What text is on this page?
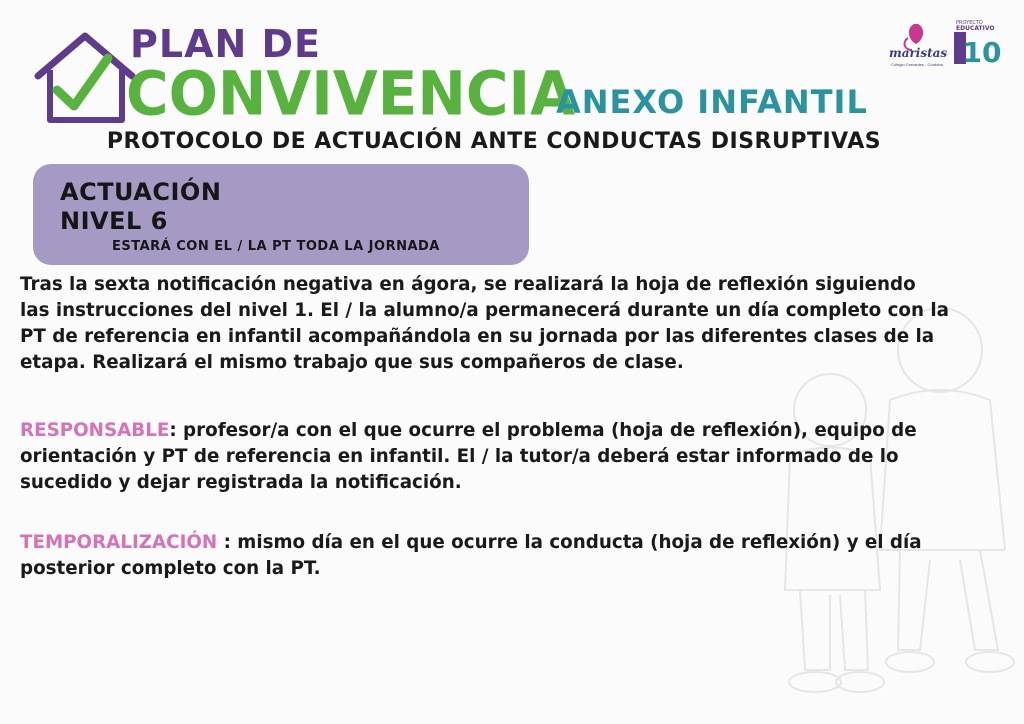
PLAN DE
CONVIVENCIA
ANEXO INFANTIL
PROTOCOLO DE ACTUACIÓN ANTE CONDUCTAS DISRUPTIVAS
maristas
Colegio Cervantes - Córdoba 10
PROYECTO
EDUCATIVO
ACTUACIÓN
NIVEL 6
ESTARÁ CON EL / LA PT TODA LA JORNADA
Tras la sexta notificación negativa en ágora, se realizará la hoja de reflexión siguiendo las instrucciones del nivel 1. El / la alumno/a permanecerá durante un día completo con la PT de referencia en infantil acompañándola en su jornada por las diferentes clases de la etapa. Realizará el mismo trabajo que sus compañeros de clase.
RESPONSABLE: profesor/a con el que ocurre el problema (hoja de reflexión), equipo de orientación y PT de referencia en infantil. El / la tutor/a deberá estar informado de lo sucedido y dejar registrada la notificación.
TEMPORALIZACIÓN : mismo día en el que ocurre la conducta (hoja de reflexión) y el día posterior completo con la PT.
